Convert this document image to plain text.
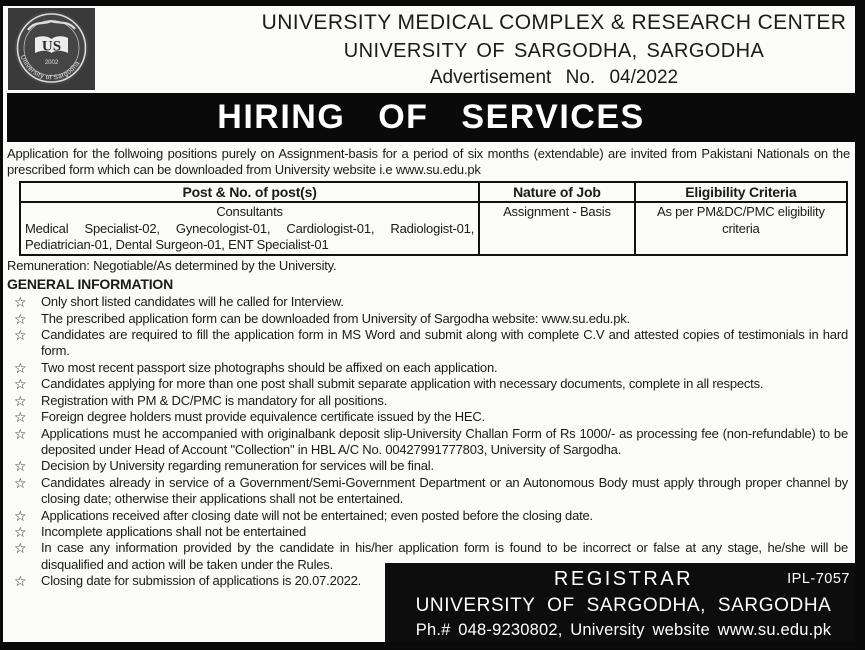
US
2002
University of Sargodha
UNIVERSITY MEDICAL COMPLEX & RESEARCH CENTER
UNIVERSITY OF SARGODHA, SARGODHA
Advertisement No. 04/2022
HIRING OF SERVICES

Application for the follwoing positions purely on Assignment-basis for a period of six months (extendable) are invited from Pakistani Nationals on the prescribed form which can be downloaded from University website i.e www.su.edu.pk

Post & No. of post(s)	Nature of Job	Eligibility Criteria

Consultants
Medical Specialist-02, Gynecologist-01, Cardiologist-01, Radiologist-01, Pediatrician-01, Dental Surgeon-01, ENT Specialist-01	Assignment - Basis	As per PM&DC/PMC eligibility criteria

Remuneration: Negotiable/As determined by the University.

GENERAL INFORMATION

☆	Only short listed candidates will he called for Interview.
☆	The prescribed application form can be downloaded from University of Sargodha website: www.su.edu.pk.
☆	Candidates are required to fill the application form in MS Word and submit along with complete C.V and attested copies of testimonials in hard form.
☆	Two most recent passport size photographs should be affixed on each application.
☆	Candidates applying for more than one post shall submit separate application with necessary documents, complete in all respects.
☆	Registration with PM & DC/PMC is mandatory for all positions.
☆	Foreign degree holders must provide equivalence certificate issued by the HEC.
☆	Applications must he accompanied with originalbank deposit slip-University Challan Form of Rs 1000/- as processing fee (non-refundable) to be deposited under Head of Account "Collection" in HBL A/C No. 00427991777803, University of Sargodha.
☆	Decision by University regarding remuneration for services will be final.
☆	Candidates already in service of a Government/Semi-Government Department or an Autonomous Body must apply through proper channel by closing date; otherwise their applications shall not be entertained.
☆	Applications received after closing date will not be entertained; even posted before the closing date.
☆	Incomplete applications shall not be entertained
☆	In case any information provided by the candidate in his/her application form is found to be incorrect or false at any stage, he/she will be disqualified and action will be taken under the Rules.
☆	Closing date for submission of applications is 20.07.2022.	REGISTRAR	IPL-7057
UNIVERSITY OF SARGODHA, SARGODHA
Ph.# 048-9230802, University website www.su.edu.pk
